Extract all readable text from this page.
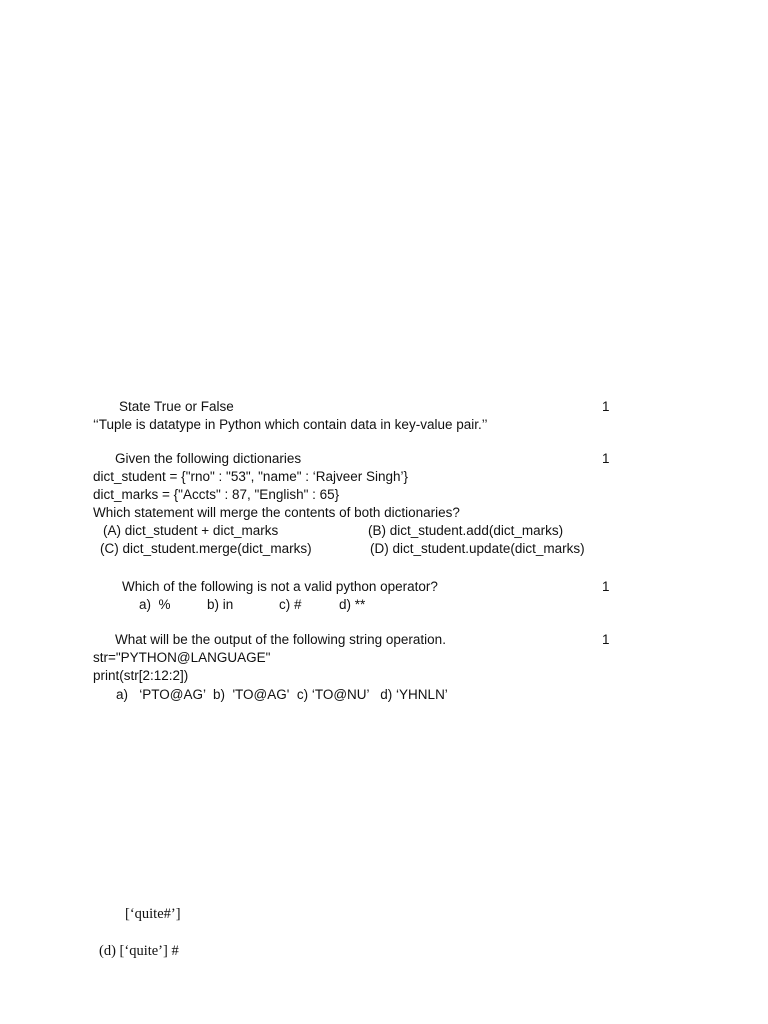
State True or False	1
‘‘Tuple is datatype in Python which contain data in key-value pair.’’
Given the following dictionaries	1
dict_student = {"rno" : "53", "name" : ‘Rajveer Singh’}
dict_marks = {"Accts" : 87, "English" : 65}
Which statement will merge the contents of both dictionaries?
(A) dict_student + dict_marks	(B) dict_student.add(dict_marks)
(C) dict_student.merge(dict_marks)	(D) dict_student.update(dict_marks)
Which of the following is not a valid python operator?	1
a)  %	b) in	c) #	d) **
What will be the output of the following string operation.	1
str="PYTHON@LANGUAGE"
print(str[2:12:2])
a)   ‘PTO@AG’  b)  'TO@AG'  c) ‘TO@NU’   d) ‘YHNLN’
[‘quite#’]
(d) [‘quite’] #
